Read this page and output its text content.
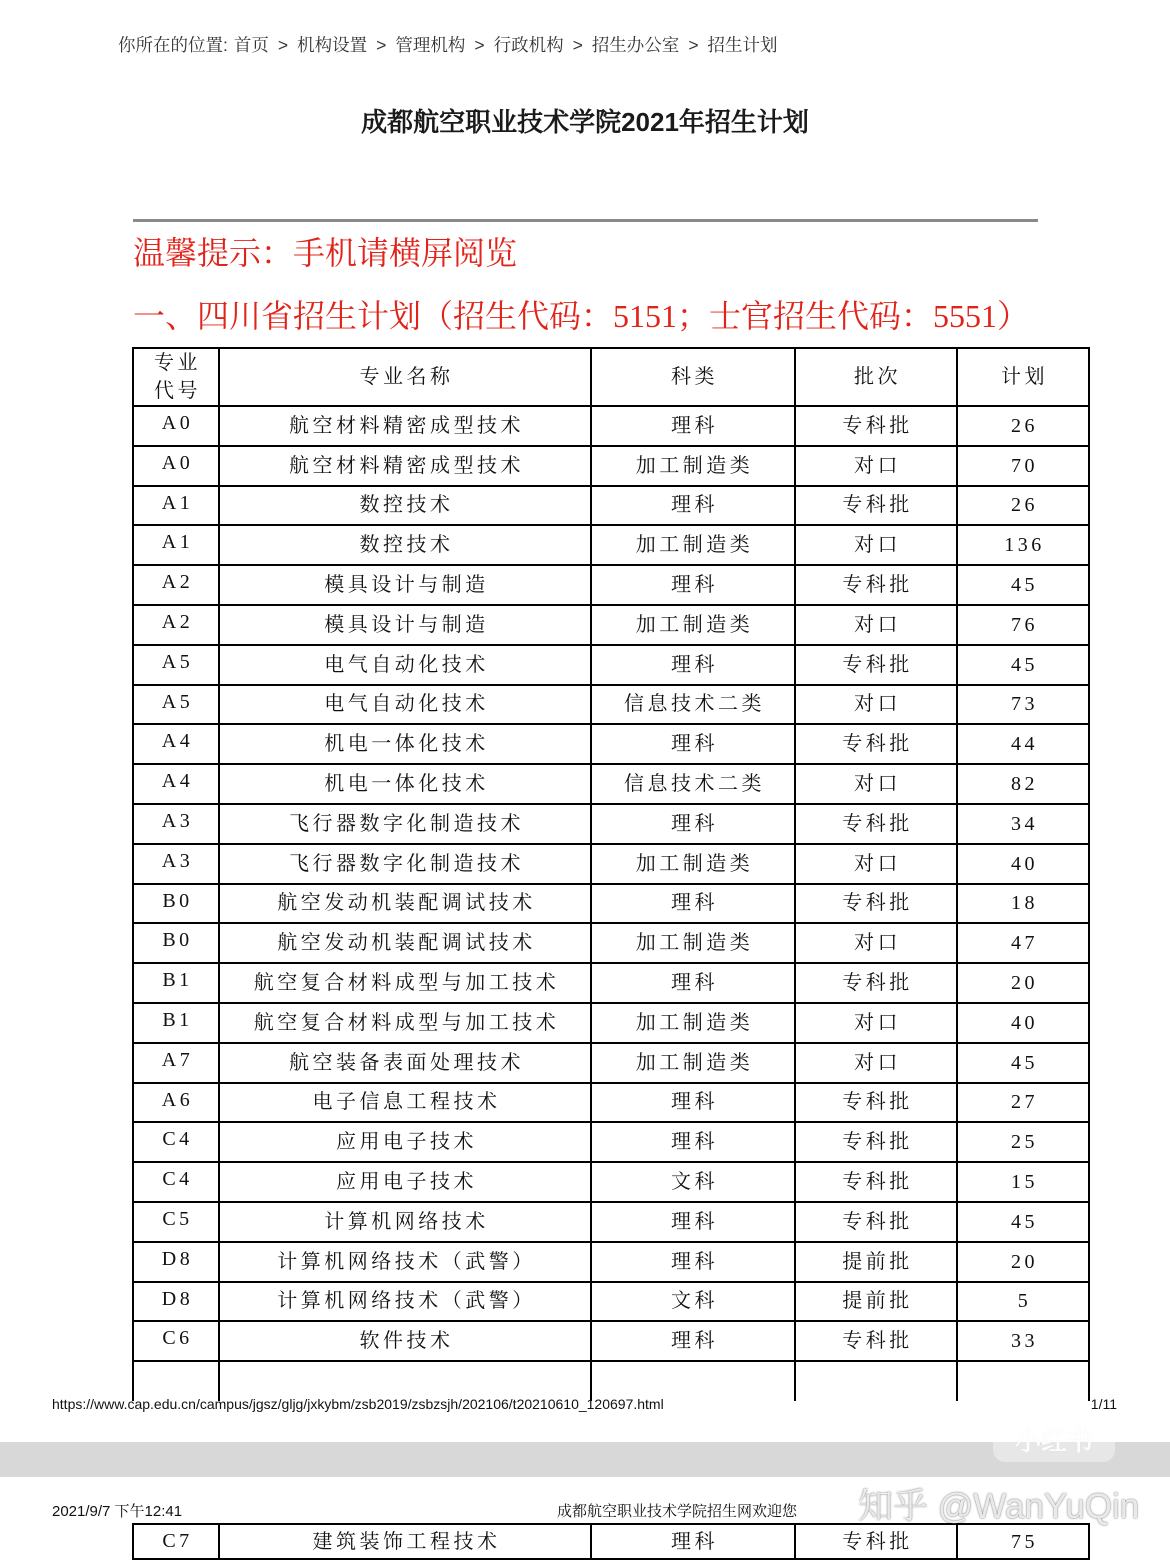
你所在的位置: 首页 > 机构设置 > 管理机构 > 行政机构 > 招生办公室 > 招生计划
成都航空职业技术学院2021年招生计划
温馨提示：手机请横屏阅览
一、四川省招生计划（招生代码：5151；士官招生代码：5551）
专业
代号	专业名称	科类	批次	计划
A0	航空材料精密成型技术	理科	专科批	26
A0	航空材料精密成型技术	加工制造类	对口	70
A1	数控技术	理科	专科批	26
A1	数控技术	加工制造类	对口	136
A2	模具设计与制造	理科	专科批	45
A2	模具设计与制造	加工制造类	对口	76
A5	电气自动化技术	理科	专科批	45
A5	电气自动化技术	信息技术二类	对口	73
A4	机电一体化技术	理科	专科批	44
A4	机电一体化技术	信息技术二类	对口	82
A3	飞行器数字化制造技术	理科	专科批	34
A3	飞行器数字化制造技术	加工制造类	对口	40
B0	航空发动机装配调试技术	理科	专科批	18
B0	航空发动机装配调试技术	加工制造类	对口	47
B1	航空复合材料成型与加工技术	理科	专科批	20
B1	航空复合材料成型与加工技术	加工制造类	对口	40
A7	航空装备表面处理技术	加工制造类	对口	45
A6	电子信息工程技术	理科	专科批	27
C4	应用电子技术	理科	专科批	25
C4	应用电子技术	文科	专科批	15
C5	计算机网络技术	理科	专科批	45
D8	计算机网络技术（武警）	理科	提前批	20
D8	计算机网络技术（武警）	文科	提前批	5
C6	软件技术	理科	专科批	33

https://www.cap.edu.cn/campus/jgsz/gljg/jxkybm/zsb2019/zsbzsjh/202106/t20210610_120697.html	1/11
小红书
2021/9/7 下午12:41	成都航空职业技术学院招生网欢迎您
C7	建筑装饰工程技术	理科	专科批	75
知乎 @WanYuQin
